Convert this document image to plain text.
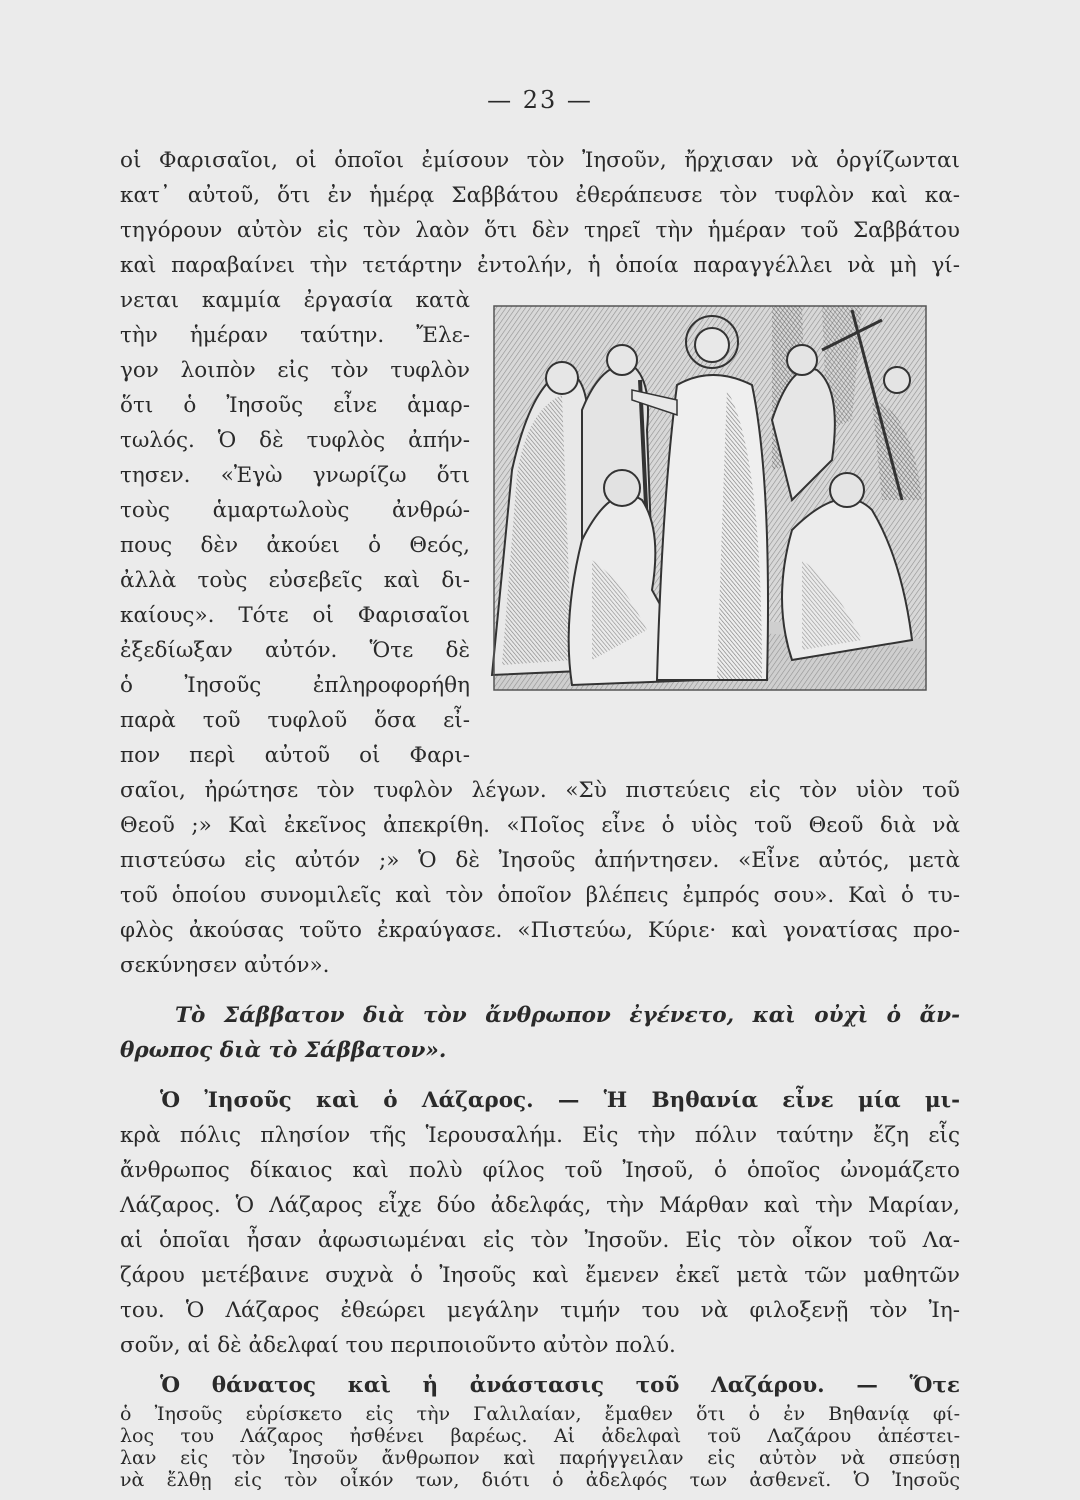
— 23 —
οἱ Φαρισαῖοι, οἱ ὁποῖοι ἐμίσουν τὸν Ἰησοῦν, ἤρχισαν νὰ ὀργίζωνται
κατ᾽ αὐτοῦ, ὅτι ἐν ἡμέρᾳ Σαββάτου ἐθεράπευσε τὸν τυφλὸν καὶ κα-
τηγόρουν αὐτὸν εἰς τὸν λαὸν ὅτι δὲν τηρεῖ τὴν ἡμέραν τοῦ Σαββάτου
καὶ παραβαίνει τὴν τετάρτην ἐντολήν, ἡ ὁποία παραγγέλλει νὰ μὴ γί-
νεται καμμία ἐργασία κατὰ
τὴν ἡμέραν ταύτην. Ἔλε-
γον λοιπὸν εἰς τὸν τυφλὸν
ὅτι ὁ Ἰησοῦς εἶνε ἁμαρ-
τωλός. Ὁ δὲ τυφλὸς ἀπήν-
τησεν. «Ἐγὼ γνωρίζω ὅτι
τοὺς ἁμαρτωλοὺς ἀνθρώ-
πους δὲν ἀκούει ὁ Θεός,
ἀλλὰ τοὺς εὐσεβεῖς καὶ δι-
καίους». Τότε οἱ Φαρισαῖοι
ἐξεδίωξαν αὐτόν. Ὅτε δὲ
ὁ Ἰησοῦς ἐπληροφορήθη
παρὰ τοῦ τυφλοῦ ὅσα εἶ-
πον περὶ αὐτοῦ οἱ Φαρι-
σαῖοι, ἠρώτησε τὸν τυφλὸν λέγων. «Σὺ πιστεύεις εἰς τὸν υἱὸν τοῦ
Θεοῦ ;» Καὶ ἐκεῖνος ἀπεκρίθη. «Ποῖος εἶνε ὁ υἱὸς τοῦ Θεοῦ διὰ νὰ
πιστεύσω εἰς αὐτόν ;» Ὁ δὲ Ἰησοῦς ἀπήντησεν. «Εἶνε αὐτός, μετὰ
τοῦ ὁποίου συνομιλεῖς καὶ τὸν ὁποῖον βλέπεις ἐμπρός σου». Καὶ ὁ τυ-
φλὸς ἀκούσας τοῦτο ἐκραύγασε. «Πιστεύω, Κύριε· καὶ γονατίσας προ-
σεκύνησεν αὐτόν».
Τὸ Σάββατον διὰ τὸν ἄνθρωπον ἐγένετο, καὶ οὐχὶ ὁ ἄν-
θρωπος διὰ τὸ Σάββατον».
Ὁ Ἰησοῦς καὶ ὁ Λάζαρος. — Ἡ Βηθανία εἶνε μία μι-
κρὰ πόλις πλησίον τῆς Ἱερουσαλήμ. Εἰς τὴν πόλιν ταύτην ἔζη εἷς
ἄνθρωπος δίκαιος καὶ πολὺ φίλος τοῦ Ἰησοῦ, ὁ ὁποῖος ὠνομάζετο
Λάζαρος. Ὁ Λάζαρος εἶχε δύο ἀδελφάς, τὴν Μάρθαν καὶ τὴν Μαρίαν,
αἱ ὁποῖαι ἦσαν ἀφωσιωμέναι εἰς τὸν Ἰησοῦν. Εἰς τὸν οἶκον τοῦ Λα-
ζάρου μετέβαινε συχνὰ ὁ Ἰησοῦς καὶ ἔμενεν ἐκεῖ μετὰ τῶν μαθητῶν
του. Ὁ Λάζαρος ἐθεώρει μεγάλην τιμήν του νὰ φιλοξενῇ τὸν Ἰη-
σοῦν, αἱ δὲ ἀδελφαί του περιποιοῦντο αὐτὸν πολύ.
Ὁ θάνατος καὶ ἡ ἀνάστασις τοῦ Λαζάρου. — Ὅτε
ὁ Ἰησοῦς εὑρίσκετο εἰς τὴν Γαλιλαίαν, ἔμαθεν ὅτι ὁ ἐν Βηθανίᾳ φί-
λος του Λάζαρος ἠσθένει βαρέως. Αἱ ἀδελφαὶ τοῦ Λαζάρου ἀπέστει-
λαν εἰς τὸν Ἰησοῦν ἄνθρωπον καὶ παρήγγειλαν εἰς αὐτὸν νὰ σπεύσῃ
νὰ ἔλθῃ εἰς τὸν οἶκόν των, διότι ὁ ἀδελφός των ἀσθενεῖ. Ὁ Ἰησοῦς
